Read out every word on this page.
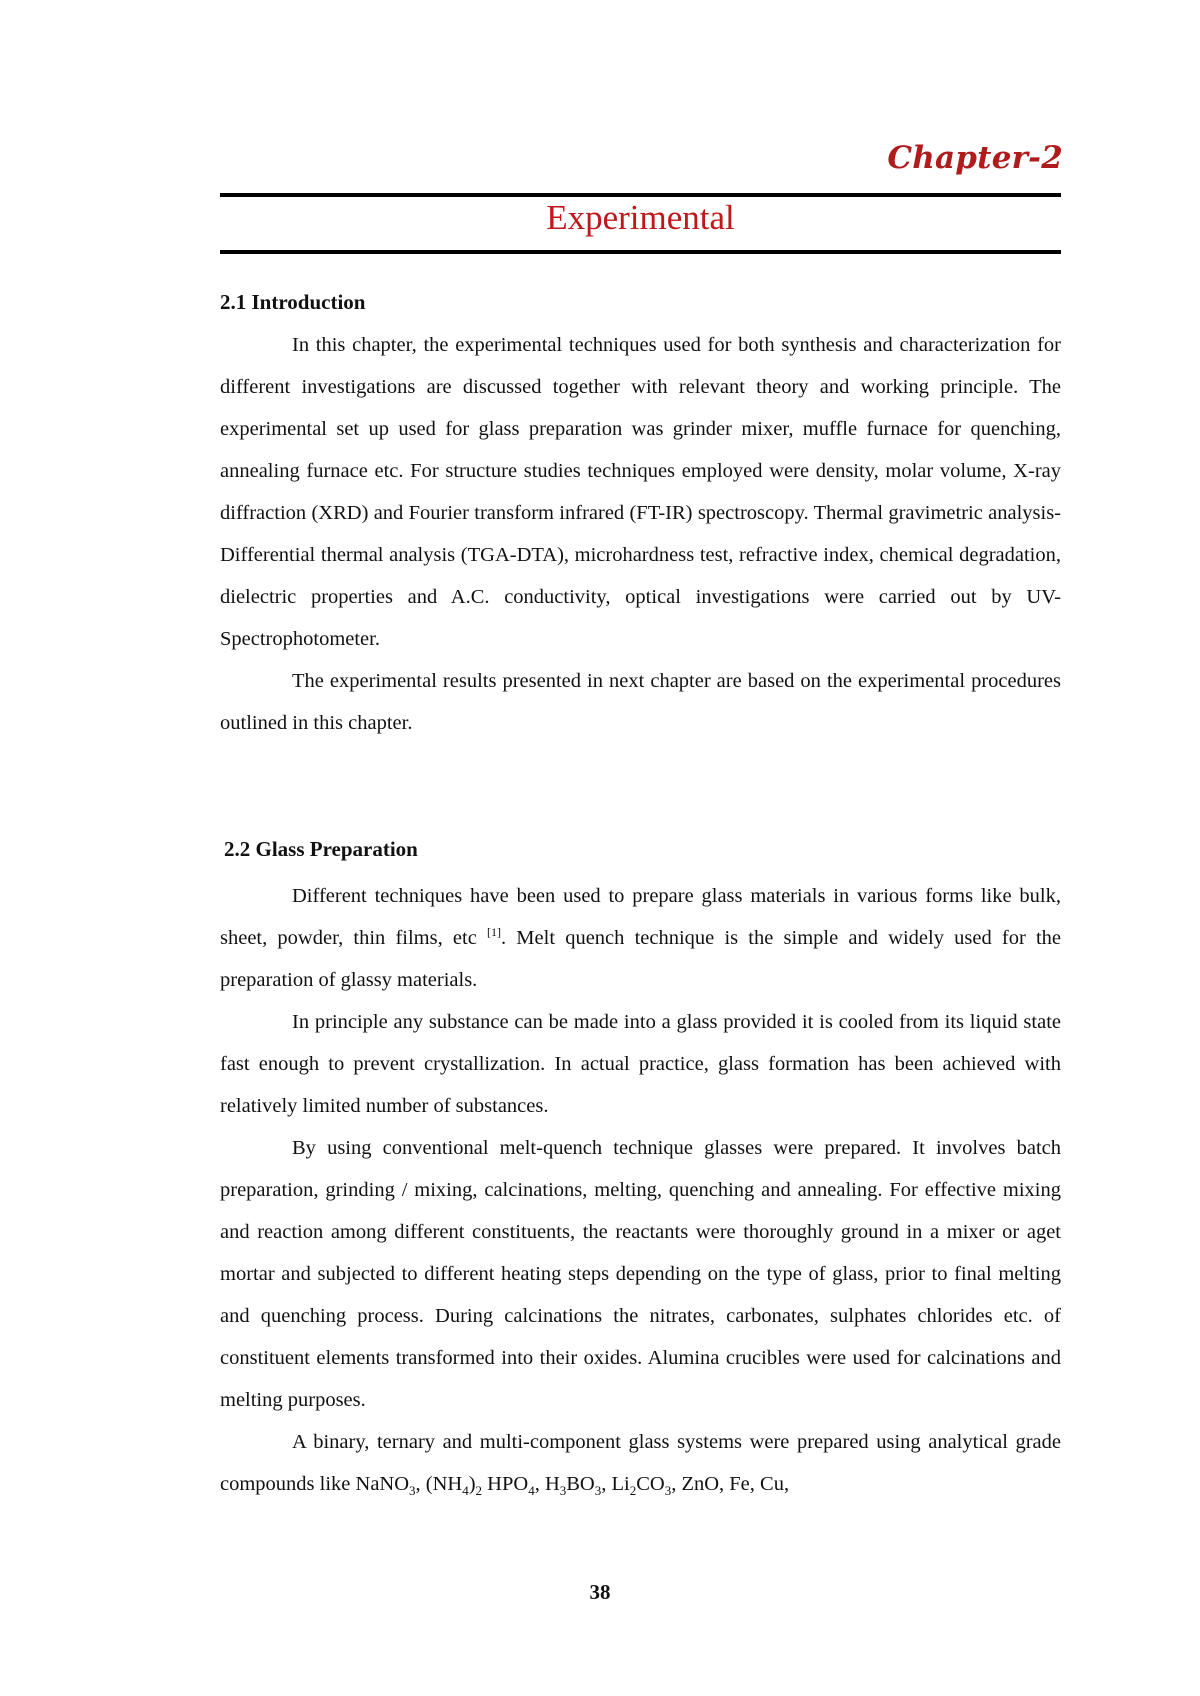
Chapter-2
Experimental
2.1 Introduction

In this chapter, the experimental techniques used for both synthesis and characterization for different investigations are discussed together with relevant theory and working principle. The experimental set up used for glass preparation was grinder mixer, muffle furnace for quenching, annealing furnace etc. For structure studies techniques employed were density, molar volume, X-ray diffraction (XRD) and Fourier transform infrared (FT-IR) spectroscopy. Thermal gravimetric analysis-Differential thermal analysis (TGA-DTA), microhardness test, refractive index, chemical degradation, dielectric properties and A.C. conductivity, optical investigations were carried out by UV-Spectrophotometer.

The experimental results presented in next chapter are based on the experimental procedures outlined in this chapter.

2.2 Glass Preparation

Different techniques have been used to prepare glass materials in various forms like bulk, sheet, powder, thin films, etc [1]. Melt quench technique is the simple and widely used for the preparation of glassy materials.

In principle any substance can be made into a glass provided it is cooled from its liquid state fast enough to prevent crystallization. In actual practice, glass formation has been achieved with relatively limited number of substances.

By using conventional melt-quench technique glasses were prepared. It involves batch preparation, grinding / mixing, calcinations, melting, quenching and annealing. For effective mixing and reaction among different constituents, the reactants were thoroughly ground in a mixer or aget mortar and subjected to different heating steps depending on the type of glass, prior to final melting and quenching process. During calcinations the nitrates, carbonates, sulphates chlorides etc. of constituent elements transformed into their oxides. Alumina crucibles were used for calcinations and melting purposes.

A binary, ternary and multi-component glass systems were prepared using analytical grade compounds like NaNO$_3$, $(NH_4)_2$ $HPO_4$, $H_3BO_3$, $Li_2CO_3$, ZnO, Fe, Cu,

38
